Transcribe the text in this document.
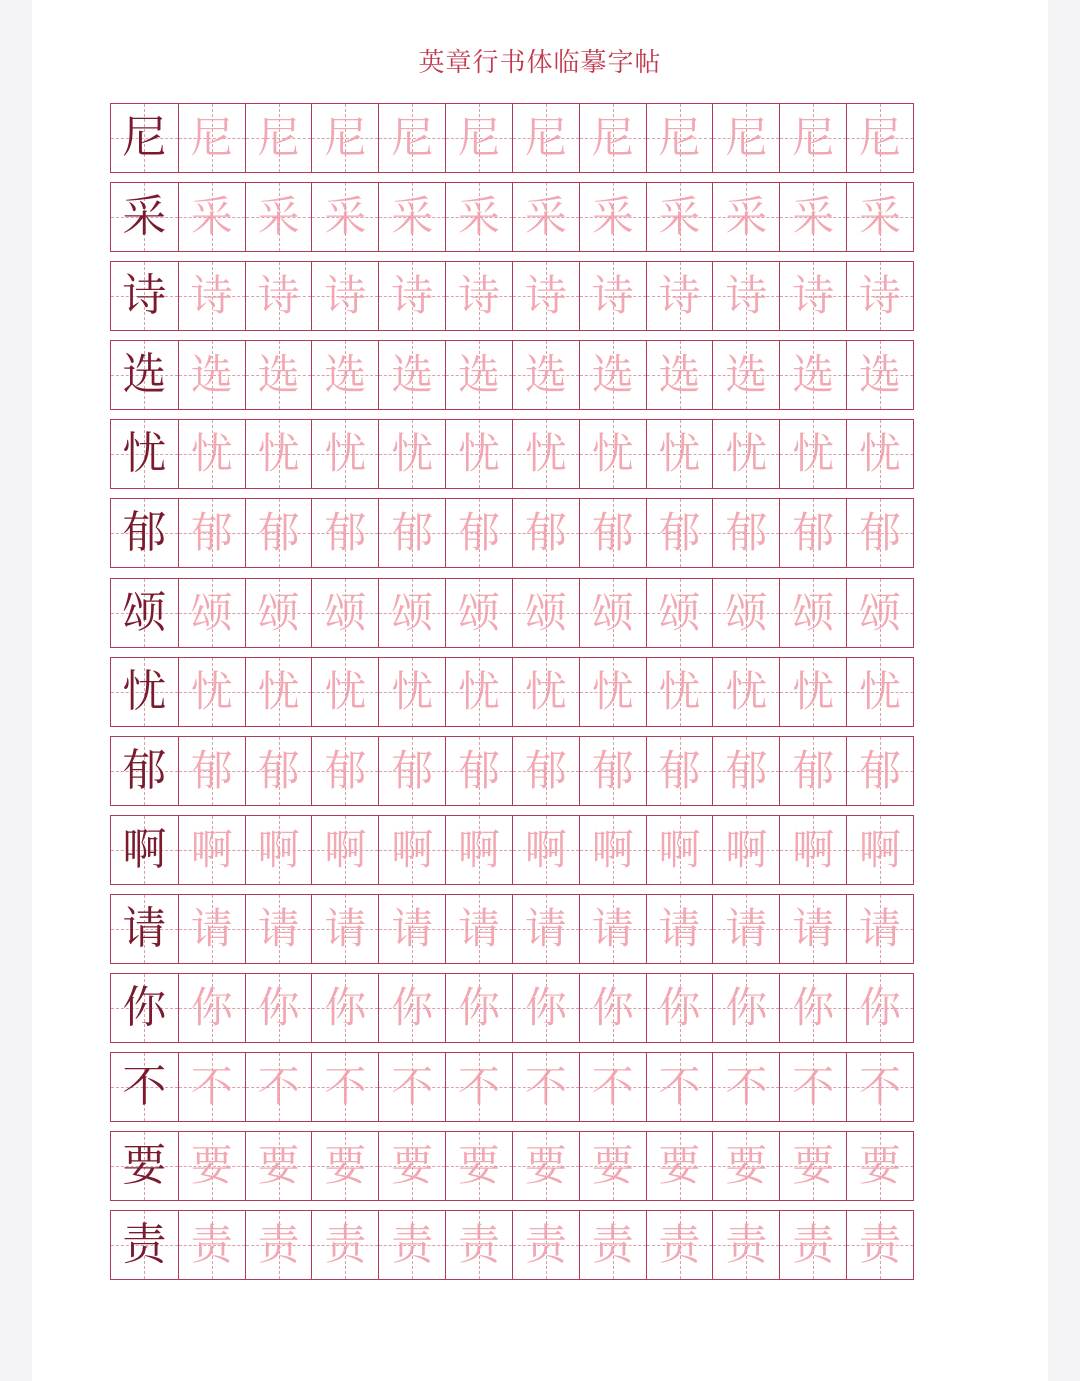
英章行书体临摹字帖
尼 尼 尼 尼 尼 尼 尼 尼 尼 尼 尼 尼
采 采 采 采 采 采 采 采 采 采 采 采
诗 诗 诗 诗 诗 诗 诗 诗 诗 诗 诗 诗
选 选 选 选 选 选 选 选 选 选 选 选
忧 忧 忧 忧 忧 忧 忧 忧 忧 忧 忧 忧
郁 郁 郁 郁 郁 郁 郁 郁 郁 郁 郁 郁
颂 颂 颂 颂 颂 颂 颂 颂 颂 颂 颂 颂
忧 忧 忧 忧 忧 忧 忧 忧 忧 忧 忧 忧
郁 郁 郁 郁 郁 郁 郁 郁 郁 郁 郁 郁
啊 啊 啊 啊 啊 啊 啊 啊 啊 啊 啊 啊
请 请 请 请 请 请 请 请 请 请 请 请
你 你 你 你 你 你 你 你 你 你 你 你
不 不 不 不 不 不 不 不 不 不 不 不
要 要 要 要 要 要 要 要 要 要 要 要
责 责 责 责 责 责 责 责 责 责 责 责
